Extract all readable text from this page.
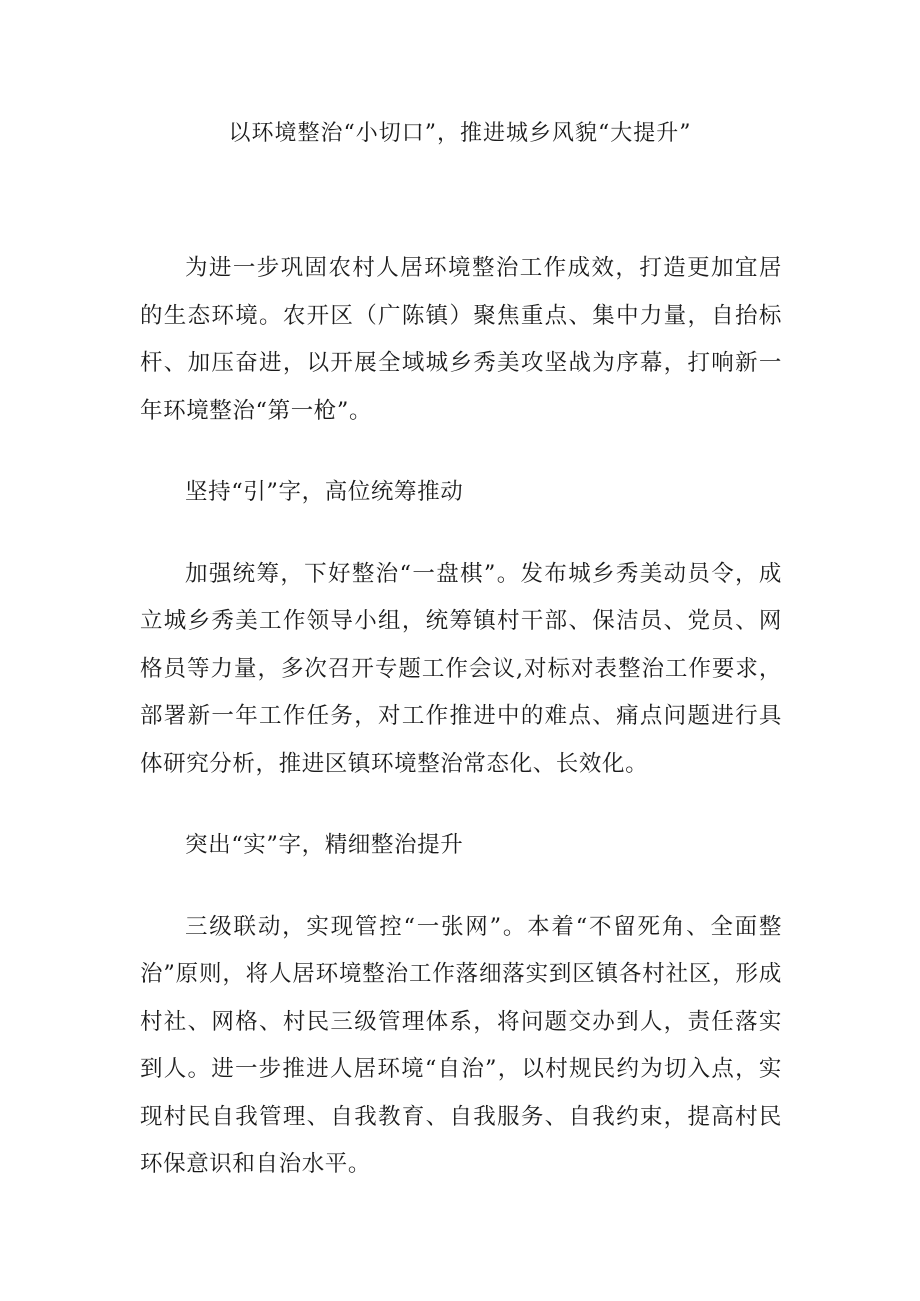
以环境整治“小切口”，推进城乡风貌“大提升”

为进一步巩固农村人居环境整治工作成效，打造更加宜居的生态环境。农开区（广陈镇）聚焦重点、集中力量，自抬标杆、加压奋进，以开展全域城乡秀美攻坚战为序幕，打响新一年环境整治“第一枪”。

坚持“引”字，高位统筹推动

加强统筹，下好整治“一盘棋”。发布城乡秀美动员令，成立城乡秀美工作领导小组，统筹镇村干部、保洁员、党员、网格员等力量，多次召开专题工作会议,对标对表整治工作要求，部署新一年工作任务，对工作推进中的难点、痛点问题进行具体研究分析，推进区镇环境整治常态化、长效化。

突出“实”字，精细整治提升

三级联动，实现管控“一张网”。本着“不留死角、全面整治”原则，将人居环境整治工作落细落实到区镇各村社区，形成村社、网格、村民三级管理体系，将问题交办到人，责任落实到人。进一步推进人居环境“自治”，以村规民约为切入点，实现村民自我管理、自我教育、自我服务、自我约束，提高村民环保意识和自治水平。
